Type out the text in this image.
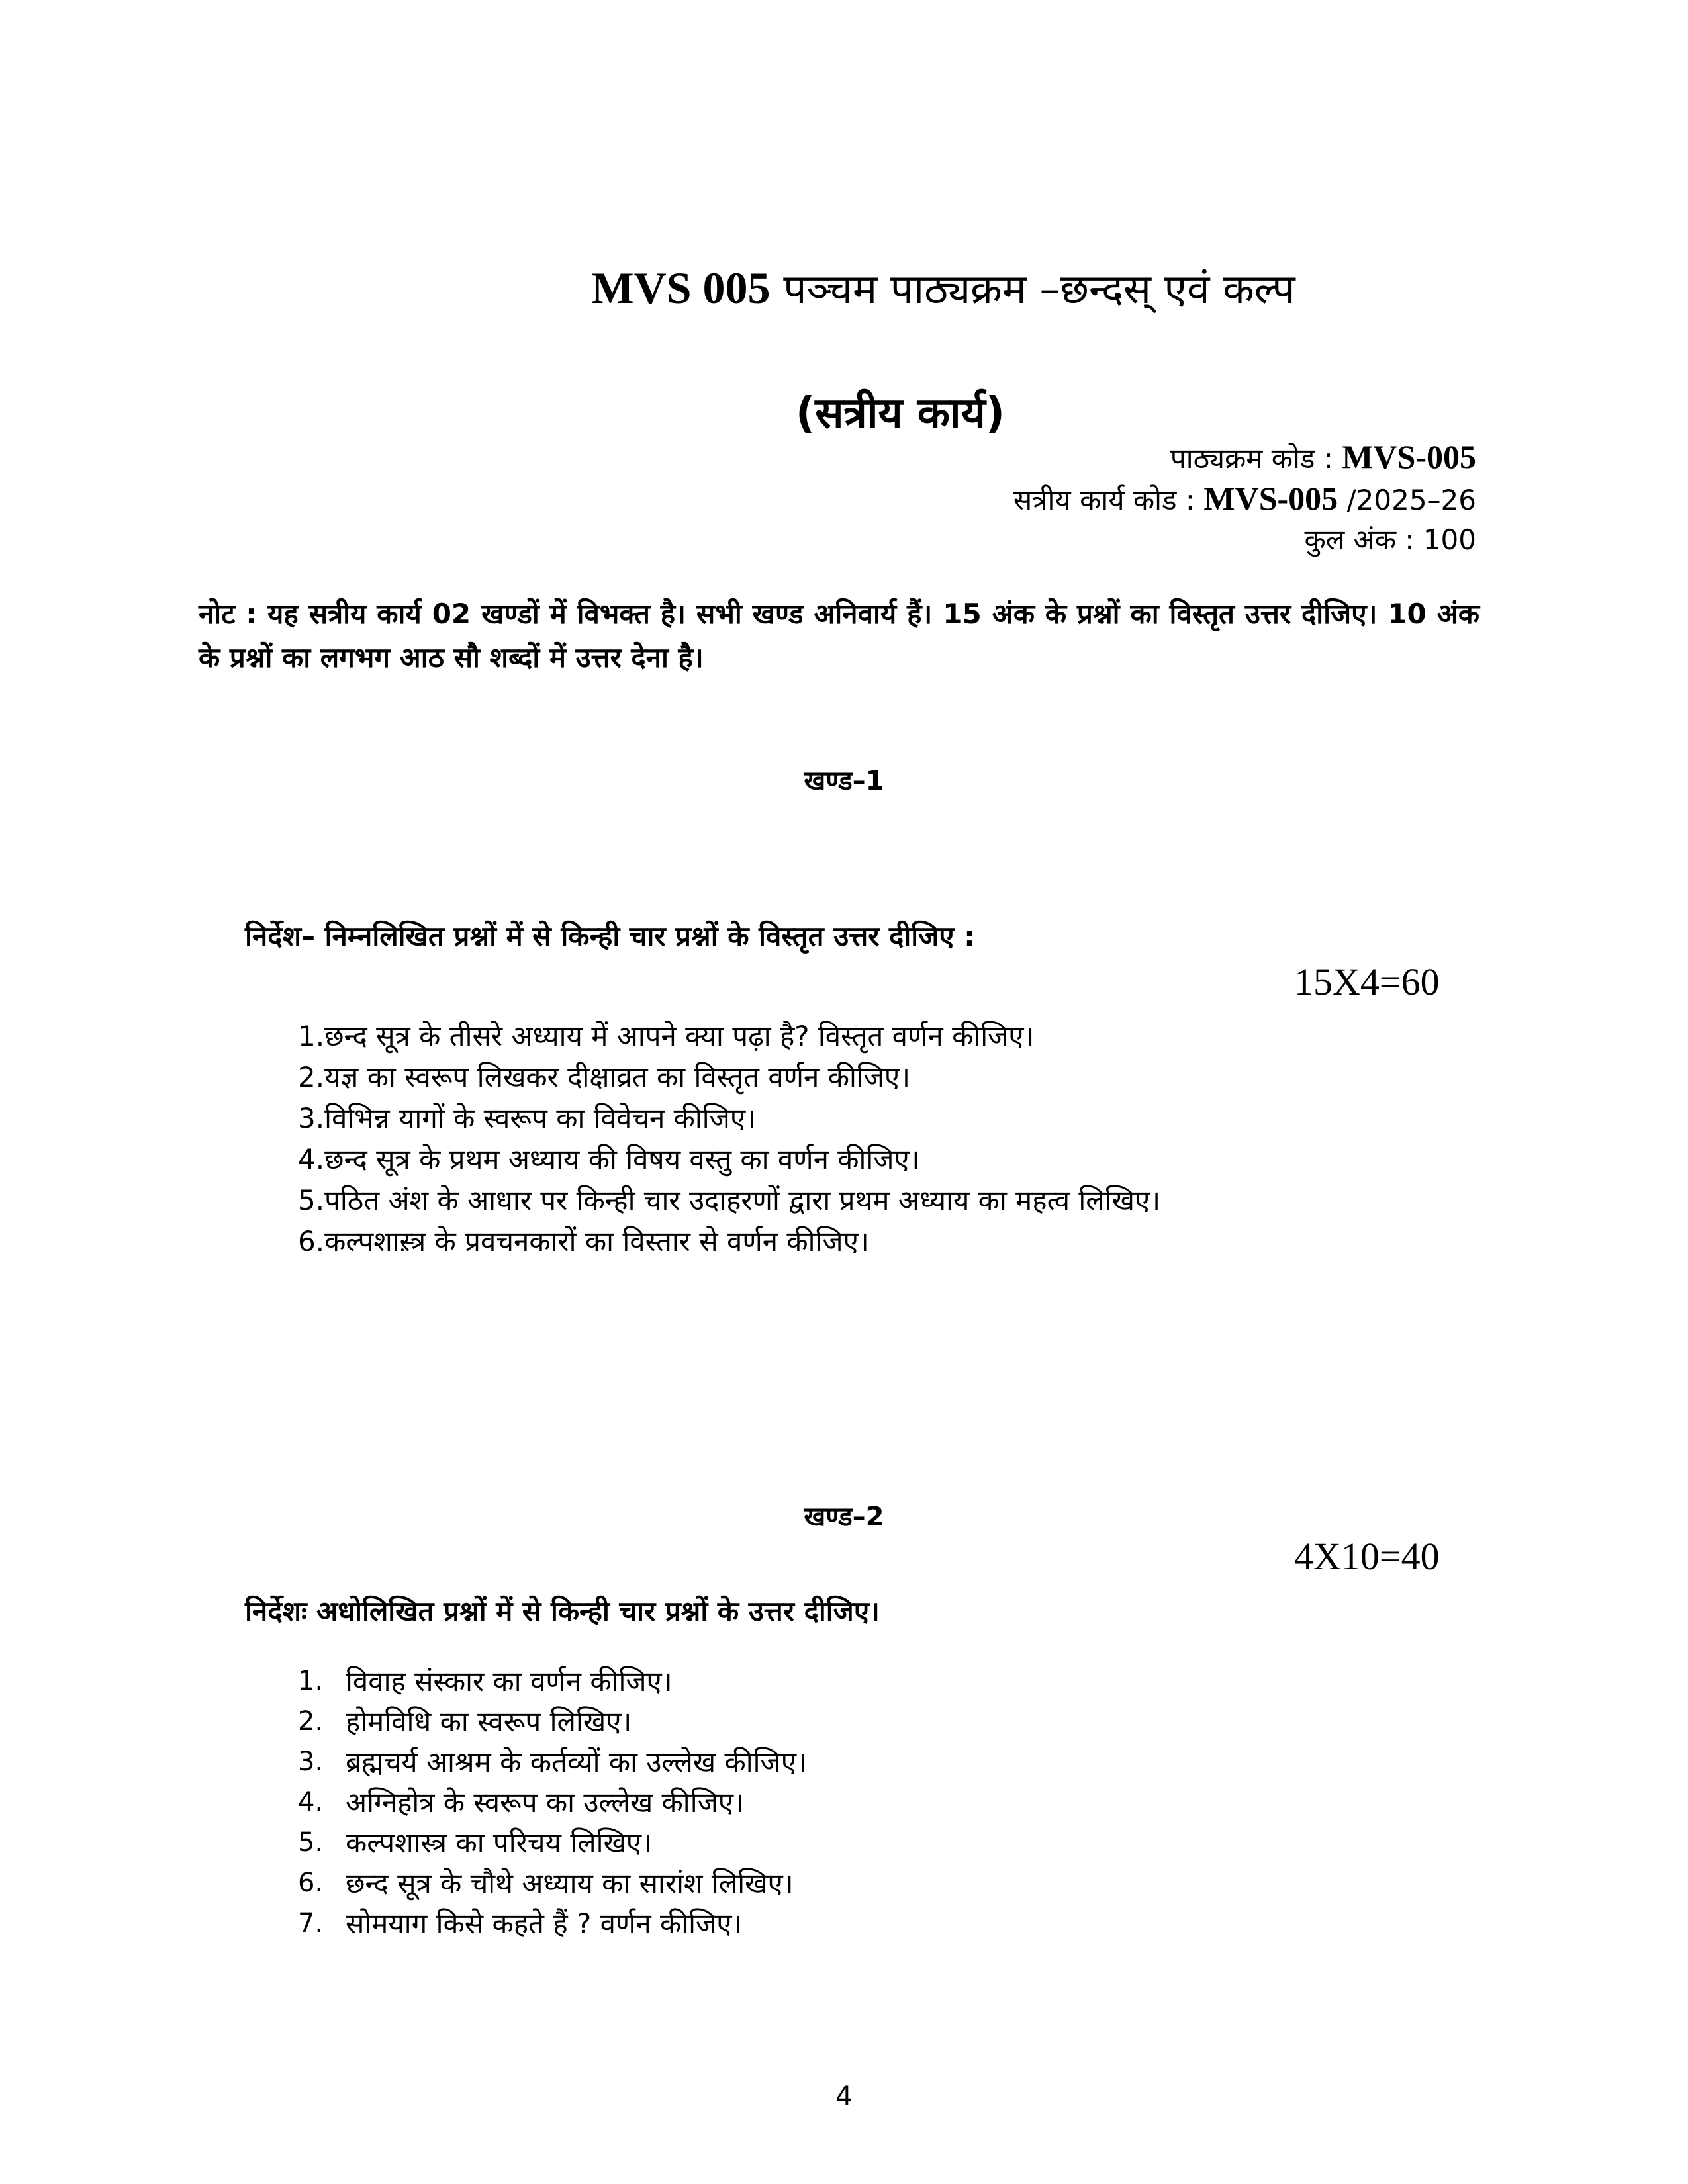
MVS 005 पञ्चम पाठ्यक्रम –छन्दस् एवं कल्प
(सत्रीय कार्य)
पाठ्यक्रम कोड : MVS-005
सत्रीय कार्य कोड : MVS-005 /2025–26
कुल अंक : 100
नोट : यह सत्रीय कार्य 02 खण्डों में विभक्त है। सभी खण्ड अनिवार्य हैं। 15 अंक के प्रश्नों का विस्तृत उत्तर दीजिए। 10 अंक के प्रश्नों का लगभग आठ सौ शब्दों में उत्तर देना है।
खण्ड–1
निर्देश– निम्नलिखित प्रश्नों में से किन्ही चार प्रश्नों के विस्तृत उत्तर दीजिए :
15X4=60
1.छन्द सूत्र के तीसरे अध्याय में आपने क्या पढ़ा है? विस्तृत वर्णन कीजिए।
2.यज्ञ का स्वरूप लिखकर दीक्षाव्रत का विस्तृत वर्णन कीजिए।
3.विभिन्न यागों के स्वरूप का विवेचन कीजिए।
4.छन्द सूत्र के प्रथम अध्याय की विषय वस्तु का वर्णन कीजिए।
5.पठित अंश के आधार पर किन्ही चार उदाहरणों द्वारा प्रथम अध्याय का महत्व लिखिए।
6.कल्पशास़्त्र के प्रवचनकारों का विस्तार से वर्णन कीजिए।
खण्ड–2
4X10=40
निर्देशः अधोलिखित प्रश्नों में से किन्ही चार प्रश्नों के उत्तर दीजिए।
1. विवाह संस्कार का वर्णन कीजिए।
2. होमविधि का स्वरूप लिखिए।
3. ब्रह्मचर्य आश्रम के कर्तव्यों का उल्लेख कीजिए।
4. अग्निहोत्र के स्वरूप का उल्लेख कीजिए।
5. कल्पशास्त्र का परिचय लिखिए।
6. छन्द सूत्र के चौथे अध्याय का सारांश लिखिए।
7. सोमयाग किसे कहते हैं ? वर्णन कीजिए।
4
